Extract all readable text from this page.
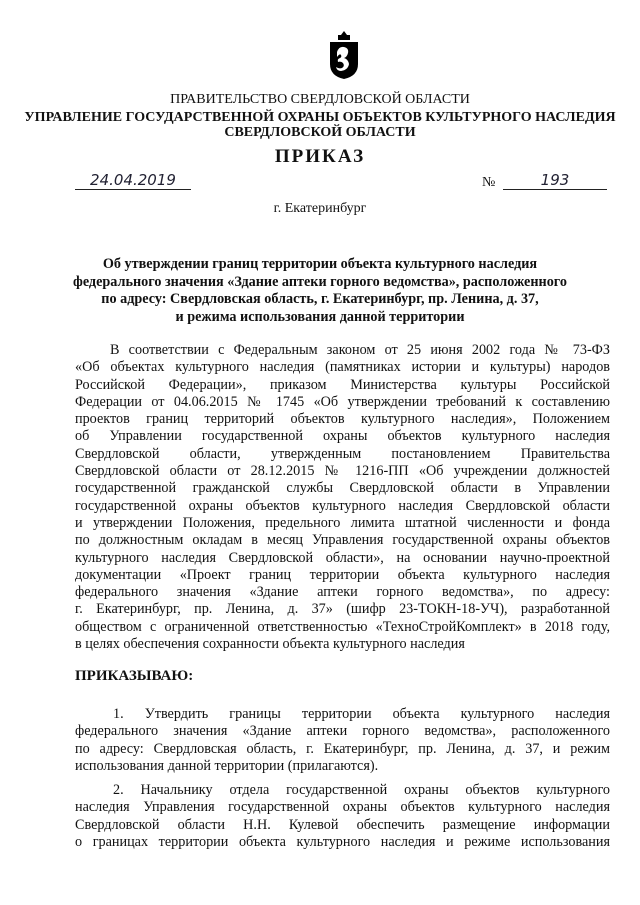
ПРАВИТЕЛЬСТВО СВЕРДЛОВСКОЙ ОБЛАСТИ
УПРАВЛЕНИЕ ГОСУДАРСТВЕННОЙ ОХРАНЫ ОБЪЕКТОВ КУЛЬТУРНОГО НАСЛЕДИЯ
СВЕРДЛОВСКОЙ ОБЛАСТИ
ПРИКАЗ
24.04.2019	№	193
г. Екатеринбург
Об утверждении границ территории объекта культурного наследия
федерального значения «Здание аптеки горного ведомства», расположенного
по адресу: Свердловская область, г. Екатеринбург, пр. Ленина, д. 37,
и режима использования данной территории
В соответствии с Федеральным законом от 25 июня 2002 года № 73-ФЗ
«Об объектах культурного наследия (памятниках истории и культуры) народов
Российской Федерации», приказом Министерства культуры Российской
Федерации от 04.06.2015 № 1745 «Об утверждении требований к составлению
проектов границ территорий объектов культурного наследия», Положением
об Управлении государственной охраны объектов культурного наследия
Свердловской области, утвержденным постановлением Правительства
Свердловской области от 28.12.2015 № 1216-ПП «Об учреждении должностей
государственной гражданской службы Свердловской области в Управлении
государственной охраны объектов культурного наследия Свердловской области
и утверждении Положения, предельного лимита штатной численности и фонда
по должностным окладам в месяц Управления государственной охраны объектов
культурного наследия Свердловской области», на основании научно-проектной
документации «Проект границ территории объекта культурного наследия
федерального значения «Здание аптеки горного ведомства», по адресу:
г. Екатеринбург, пр. Ленина, д. 37» (шифр 23-ТОКН-18-УЧ), разработанной
обществом с ограниченной ответственностью «ТехноСтройКомплект» в 2018 году,
в целях обеспечения сохранности объекта культурного наследия
ПРИКАЗЫВАЮ:
1. Утвердить границы территории объекта культурного наследия
федерального значения «Здание аптеки горного ведомства», расположенного
по адресу: Свердловская область, г. Екатеринбург, пр. Ленина, д. 37, и режим
использования данной территории (прилагаются).
2. Начальнику отдела государственной охраны объектов культурного
наследия Управления государственной охраны объектов культурного наследия
Свердловской области Н.Н. Кулевой обеспечить размещение информации
о границах территории объекта культурного наследия и режиме использования
